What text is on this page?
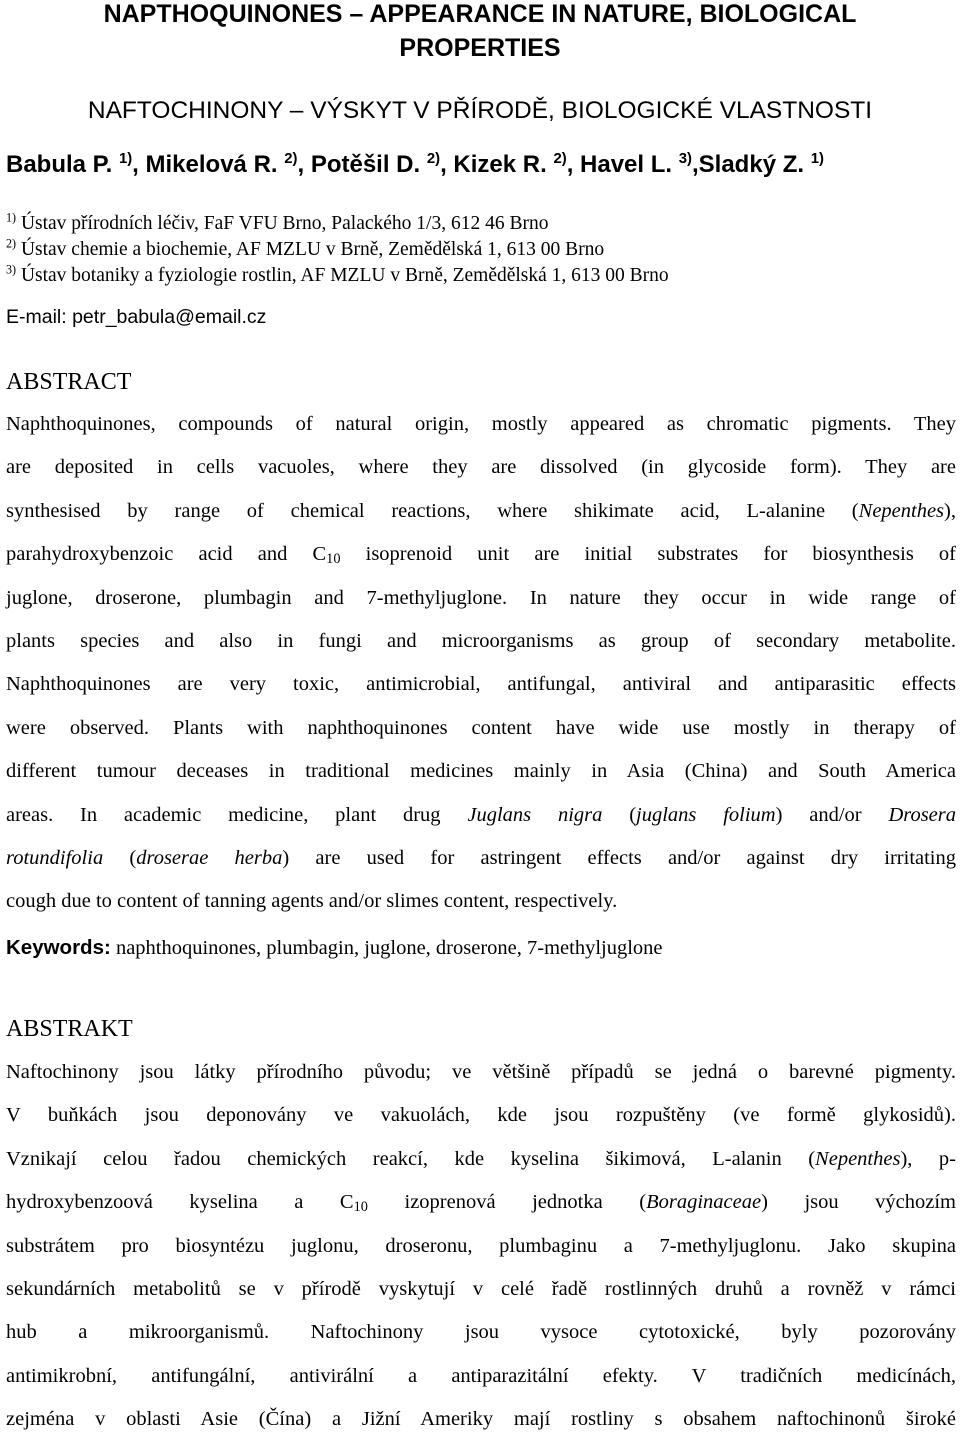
NAPTHOQUINONES – APPEARANCE IN NATURE, BIOLOGICAL

PROPERTIES

NAFTOCHINONY – VÝSKYT V PŘÍRODĚ, BIOLOGICKÉ VLASTNOSTI

Babula P. $^{1)}$, Mikelová R. $^{2)}$, Potěšil D. $^{2)}$, Kizek R. $^{2)}$, Havel L. $^{3)}$,Sladký Z. $^{1)}$

$^{1)}$ Ústav přírodních léčiv, FaF VFU Brno, Palackého 1/3, 612 46 Brno

$^{2)}$ Ústav chemie a biochemie, AF MZLU v Brně, Zemědělská 1, 613 00 Brno

$^{3)}$ Ústav botaniky a fyziologie rostlin, AF MZLU v Brně, Zemědělská 1, 613 00 Brno

E-mail: petr_babula@email.cz

ABSTRACT

Naphthoquinones, compounds of natural origin, mostly appeared as chromatic pigments. They

are deposited in cells vacuoles, where they are dissolved (in glycoside form). They are

synthesised by range of chemical reactions, where shikimate acid, L-alanine (Nepenthes),

parahydroxybenzoic acid and $C_{10}$ isoprenoid unit are initial substrates for biosynthesis of

juglone, droserone, plumbagin and 7-methyljuglone. In nature they occur in wide range of

plants species and also in fungi and microorganisms as group of secondary metabolite.

Naphthoquinones are very toxic, antimicrobial, antifungal, antiviral and antiparasitic effects

were observed. Plants with naphthoquinones content have wide use mostly in therapy of

different tumour deceases in traditional medicines mainly in Asia (China) and South America

areas. In academic medicine, plant drug Juglans nigra (juglans folium) and/or Drosera

rotundifolia (droserae herba) are used for astringent effects and/or against dry irritating

cough due to content of tanning agents and/or slimes content, respectively.

Keywords: naphthoquinones, plumbagin, juglone, droserone, 7-methyljuglone

ABSTRAKT

Naftochinony jsou látky přírodního původu; ve většině případů se jedná o barevné pigmenty.

V buňkách jsou deponovány ve vakuolách, kde jsou rozpuštěny (ve formě glykosidů).

Vznikají celou řadou chemických reakcí, kde kyselina šikimová, L-alanin (Nepenthes), p-

hydroxybenzoová kyselina a $C_{10}$ izoprenová jednotka (Boraginaceae) jsou výchozím

substrátem pro biosyntézu juglonu, droseronu, plumbaginu a 7-methyljuglonu. Jako skupina

sekundárních metabolitů se v přírodě vyskytují v celé řadě rostlinných druhů a rovněž v rámci

hub a mikroorganismů. Naftochinony jsou vysoce cytotoxické, byly pozorovány

antimikrobní, antifungální, antivirální a antiparazitální efekty. V tradičních medicínách,

zejména v oblasti Asie (Čína) a Jižní Ameriky mají rostliny s obsahem naftochinonů široké
